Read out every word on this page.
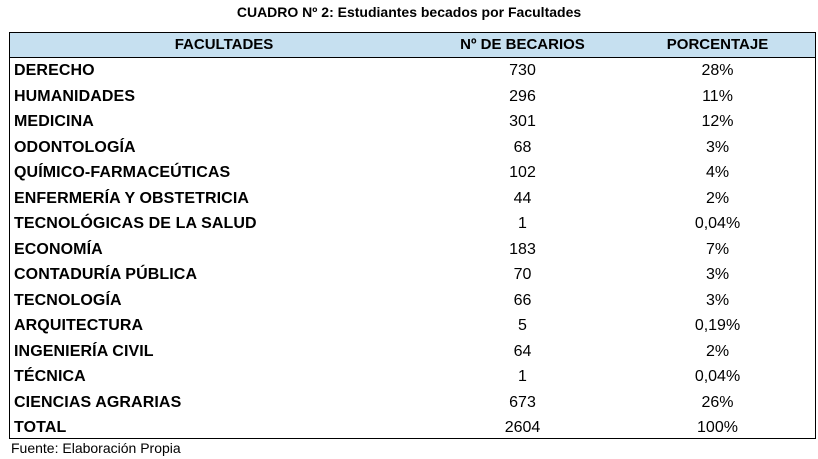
CUADRO Nº 2: Estudiantes becados por Facultades
FACULTADES	Nº DE BECARIOS	PORCENTAJE
DERECHO	730	28%
HUMANIDADES	296	11%
MEDICINA	301	12%
ODONTOLOGÍA	68	3%
QUÍMICO-FARMACEÚTICAS	102	4%
ENFERMERÍA Y OBSTETRICIA	44	2%
TECNOLÓGICAS DE LA SALUD	1	0,04%
ECONOMÍA	183	7%
CONTADURÍA PÚBLICA	70	3%
TECNOLOGÍA	66	3%
ARQUITECTURA	5	0,19%
INGENIERÍA CIVIL	64	2%
TÉCNICA	1	0,04%
CIENCIAS AGRARIAS	673	26%
TOTAL	2604	100%
Fuente: Elaboración Propia
